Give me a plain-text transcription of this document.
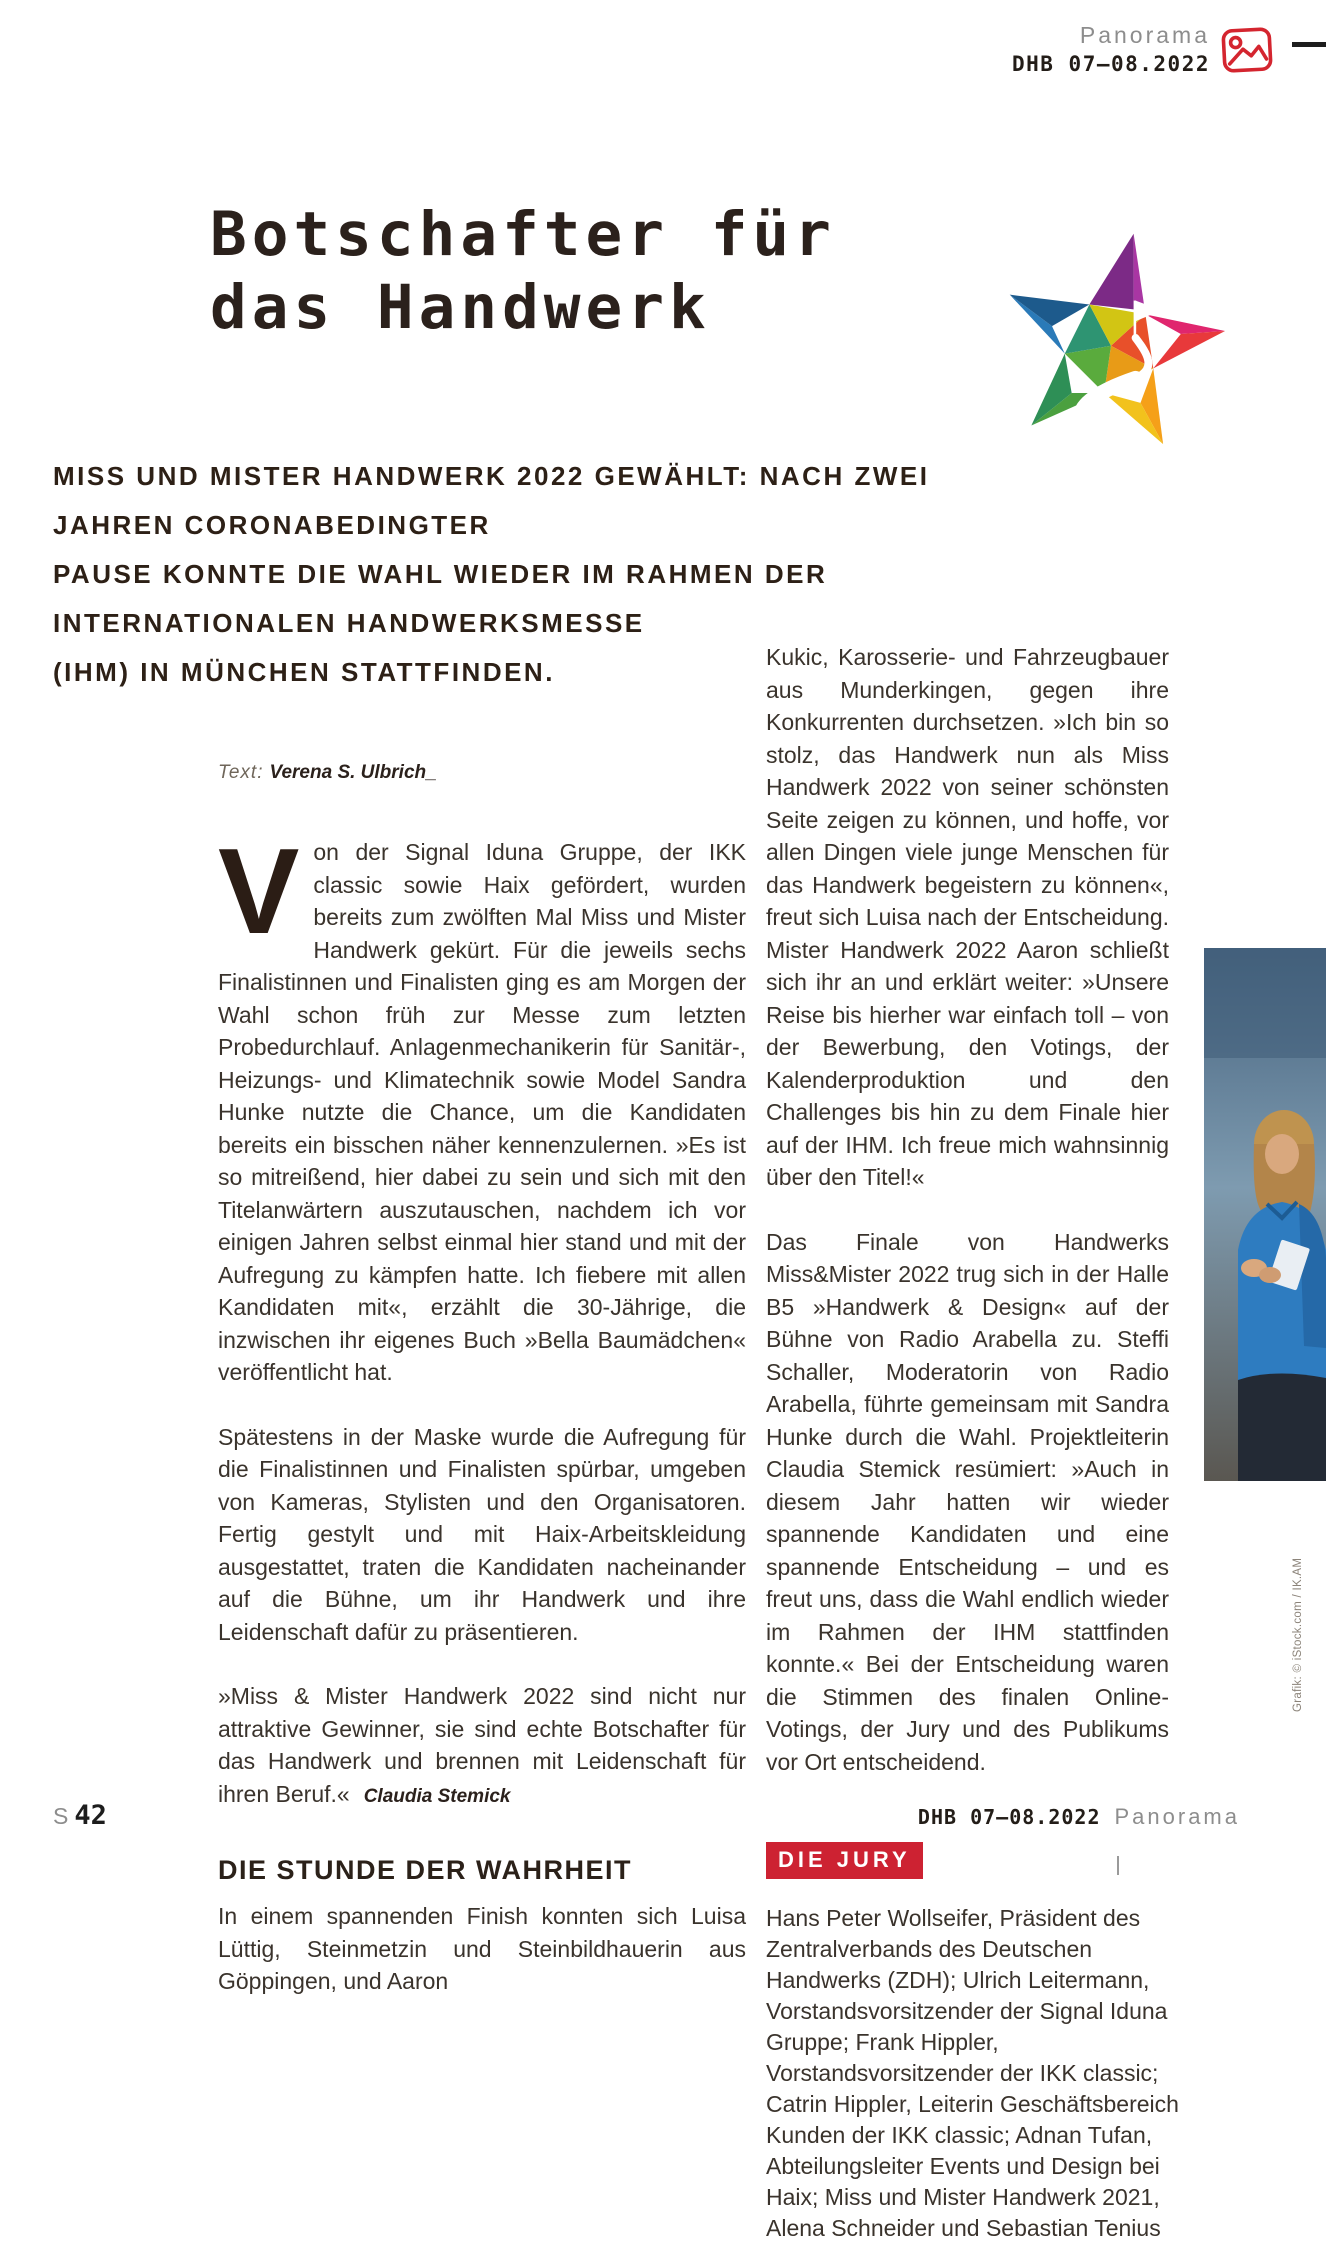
Panorama
DHB 07–08.2022
Botschafter für
das Handwerk
MISS UND MISTER HANDWERK 2022 GEWÄHLT: NACH ZWEI JAHREN CORONABEDINGTER
PAUSE KONNTE DIE WAHL WIEDER IM RAHMEN DER INTERNATIONALEN HANDWERKSMESSE
(IHM) IN MÜNCHEN STATTFINDEN.
Text: Verena S. Ulbrich_

Von der Signal Iduna Gruppe, der IKK classic sowie Haix gefördert, wurden bereits zum zwölften Mal Miss und Mister Handwerk gekürt. Für die jeweils sechs Finalistinnen und Finalisten ging es am Morgen der Wahl schon früh zur Messe zum letzten Probedurchlauf. Anlagenmechanikerin für Sanitär-, Heizungs- und Klimatechnik sowie Model Sandra Hunke nutzte die Chance, um die Kandidaten bereits ein bisschen näher kennenzulernen. »Es ist so mitreißend, hier dabei zu sein und sich mit den Titelanwärtern auszutauschen, nachdem ich vor einigen Jahren selbst einmal hier stand und mit der Aufregung zu kämpfen hatte. Ich fiebere mit allen Kandidaten mit«, erzählt die 30-Jährige, die inzwischen ihr eigenes Buch »Bella Baumädchen« veröffentlicht hat.

Spätestens in der Maske wurde die Aufregung für die Finalistinnen und Finalisten spürbar, umgeben von Kameras, Stylisten und den Organisatoren. Fertig gestylt und mit Haix-Arbeitskleidung ausgestattet, traten die Kandidaten nacheinander auf die Bühne, um ihr Handwerk und ihre Leidenschaft dafür zu präsentieren.

»Miss & Mister Handwerk 2022 sind nicht nur attraktive Gewinner, sie sind echte Botschafter für das Handwerk und brennen mit Leidenschaft für ihren Beruf.« Claudia Stemick

DIE STUNDE DER WAHRHEIT

In einem spannenden Finish konnten sich Luisa Lüttig, Steinmetzin und Steinbildhauerin aus Göppingen, und Aaron

Kukic, Karosserie- und Fahrzeugbauer aus Munderkingen, gegen ihre Konkurrenten durchsetzen. »Ich bin so stolz, das Handwerk nun als Miss Handwerk 2022 von seiner schönsten Seite zeigen zu können, und hoffe, vor allen Dingen viele junge Menschen für das Handwerk begeistern zu können«, freut sich Luisa nach der Entscheidung. Mister Handwerk 2022 Aaron schließt sich ihr an und erklärt weiter: »Unsere Reise bis hierher war einfach toll – von der Bewerbung, den Votings, der Kalenderproduktion und den Challenges bis hin zu dem Finale hier auf der IHM. Ich freue mich wahnsinnig über den Titel!«

Das Finale von Handwerks Miss&Mister 2022 trug sich in der Halle B5 »Handwerk & Design« auf der Bühne von Radio Arabella zu. Steffi Schaller, Moderatorin von Radio Arabella, führte gemeinsam mit Sandra Hunke durch die Wahl. Projektleiterin Claudia Stemick resümiert: »Auch in diesem Jahr hatten wir wieder spannende Kandidaten und eine spannende Entscheidung – und es freut uns, dass die Wahl endlich wieder im Rahmen der IHM stattfinden konnte.« Bei der Entscheidung waren die Stimmen des finalen Online-Votings, der Jury und des Publikums vor Ort entscheidend.

DIE JURY

Hans Peter Wollseifer, Präsident des Zentralverbands des Deutschen Handwerks (ZDH); Ulrich Leitermann, Vorstandsvorsitzender der Signal Iduna Gruppe; Frank Hippler, Vorstandsvorsitzender der IKK classic; Catrin Hippler, Leiterin Geschäftsbereich Kunden der IKK classic; Adnan Tufan, Abteilungsleiter Events und Design bei Haix; Miss und Mister Handwerk 2021, Alena Schneider und Sebastian Tenius

Grafik: © iStock.com / IK.AM
S 42	DHB 07–08.2022 Panorama
